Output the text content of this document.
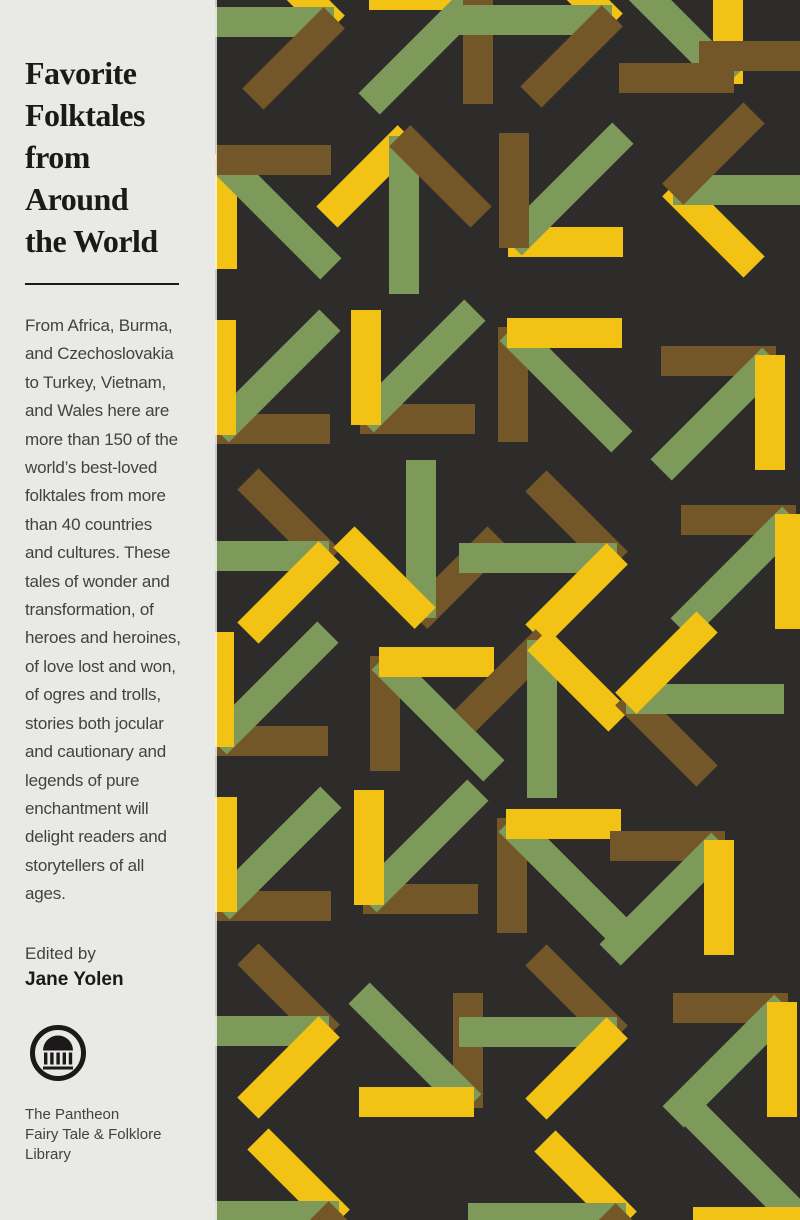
Favorite
Folktales
from
Around
the World
From Africa, Burma,
and Czechoslovakia
to Turkey, Vietnam,
and Wales here are
more than 150 of the
world’s best-loved
folktales from more
than 40 countries
and cultures. These
tales of wonder and
transformation, of
heroes and heroines,
of love lost and won,
of ogres and trolls,
stories both jocular
and cautionary and
legends of pure
enchantment will
delight readers and
storytellers of all
ages.
Edited by
Jane Yolen
The Pantheon
Fairy Tale & Folklore
Library
